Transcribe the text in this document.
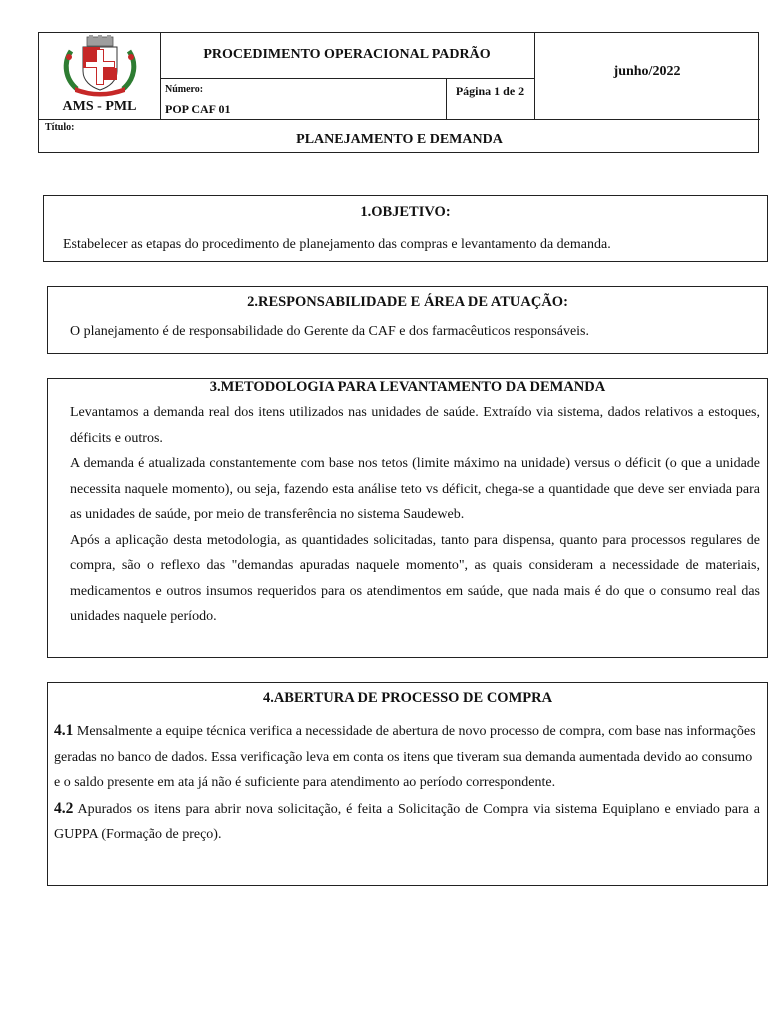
AMS - PML
PROCEDIMENTO OPERACIONAL PADRÃO
junho/2022
Número:
POP CAF 01
Página 1 de 2
Título:
PLANEJAMENTO E DEMANDA
1.OBJETIVO:
Estabelecer as etapas do procedimento de planejamento das compras e levantamento da demanda.
2.RESPONSABILIDADE E ÁREA DE ATUAÇÃO:
O planejamento é de responsabilidade do Gerente da CAF e dos farmacêuticos responsáveis.
3.METODOLOGIA PARA LEVANTAMENTO DA DEMANDA

Levantamos a demanda real dos itens utilizados nas unidades de saúde. Extraído via sistema, dados relativos a estoques, déficits e outros.

A demanda é atualizada constantemente com base nos tetos (limite máximo na unidade) versus o déficit (o que a unidade necessita naquele momento), ou seja, fazendo esta análise teto vs déficit, chega-se a quantidade que deve ser enviada para as unidades de saúde, por meio de transferência no sistema Saudeweb.

Após a aplicação desta metodologia, as quantidades solicitadas, tanto para dispensa, quanto para processos regulares de compra, são o reflexo das "demandas apuradas naquele momento", as quais consideram a necessidade de materiais, medicamentos e outros insumos requeridos para os atendimentos em saúde, que nada mais é do que o consumo real das unidades naquele período.

4.ABERTURA DE PROCESSO DE COMPRA

4.1 Mensalmente a equipe técnica verifica a necessidade de abertura de novo processo de compra, com base nas informações geradas no banco de dados. Essa verificação leva em conta os itens que tiveram sua demanda aumentada devido ao consumo e o saldo presente em ata já não é suficiente para atendimento ao período correspondente.

4.2 Apurados os itens para abrir nova solicitação, é feita a Solicitação de Compra via sistema Equiplano e enviado para a GUPPA (Formação de preço).
